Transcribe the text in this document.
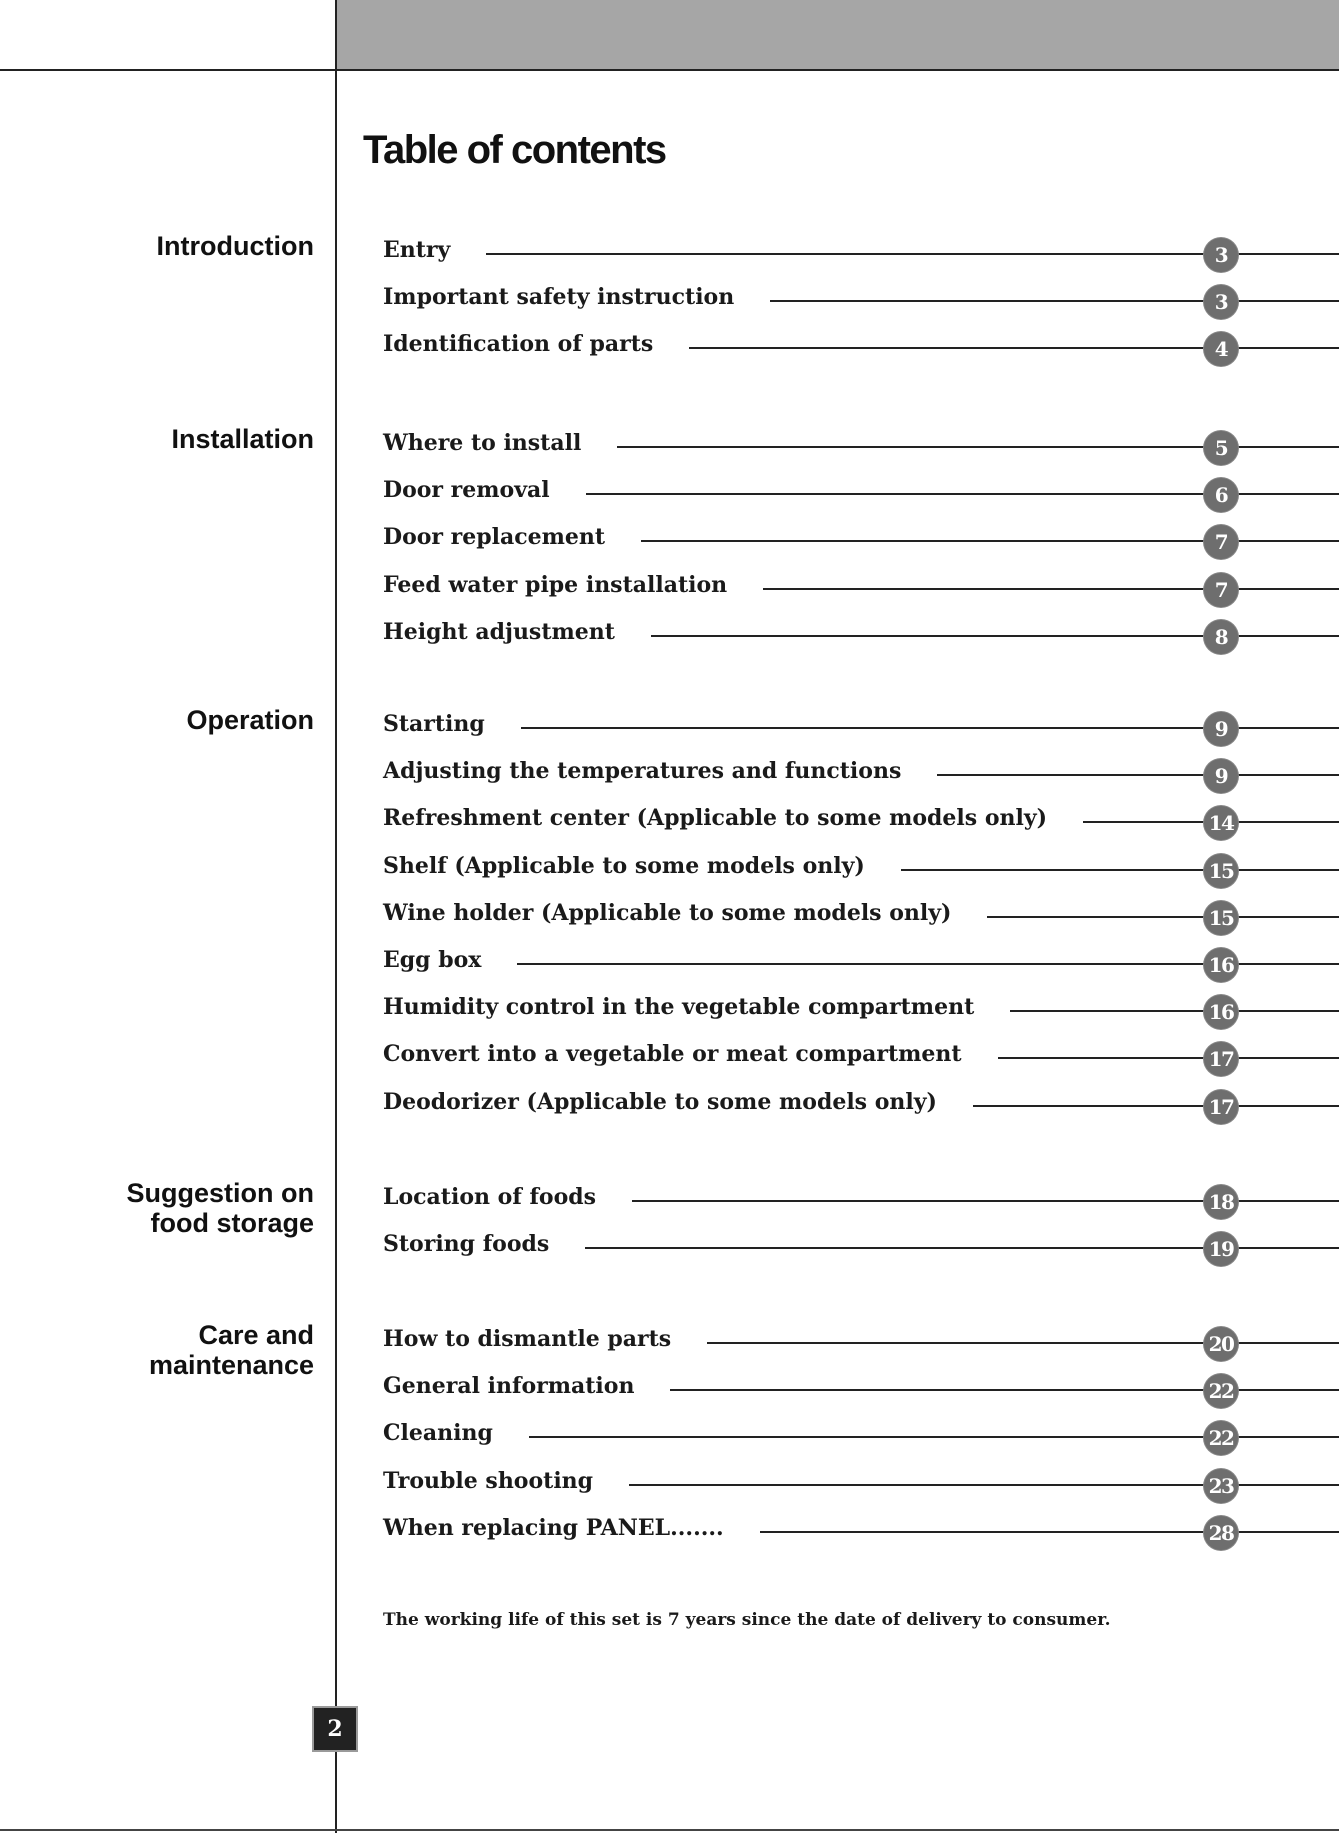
Table of contents
Introduction	Entry	3
Important safety instruction	3
Identification of parts	4
Installation	Where to install	5
Door removal	6
Door replacement	7
Feed water pipe installation	7
Height adjustment	8
Operation	Starting	9
Adjusting the temperatures and functions	9
Refreshment center (Applicable to some models only)	14
Shelf (Applicable to some models only)	15
Wine holder (Applicable to some models only)	15
Egg box	16
Humidity control in the vegetable compartment	16
Convert into a vegetable or meat compartment	17
Deodorizer (Applicable to some models only)	17
Suggestion on
food storage
Location of foods	18
Storing foods	19
Care and
maintenance
How to dismantle parts	20
General information	22
Cleaning	22
Trouble shooting	23
When replacing PANEL.......	28

The working life of this set is 7 years since the date of delivery to consumer.

2
